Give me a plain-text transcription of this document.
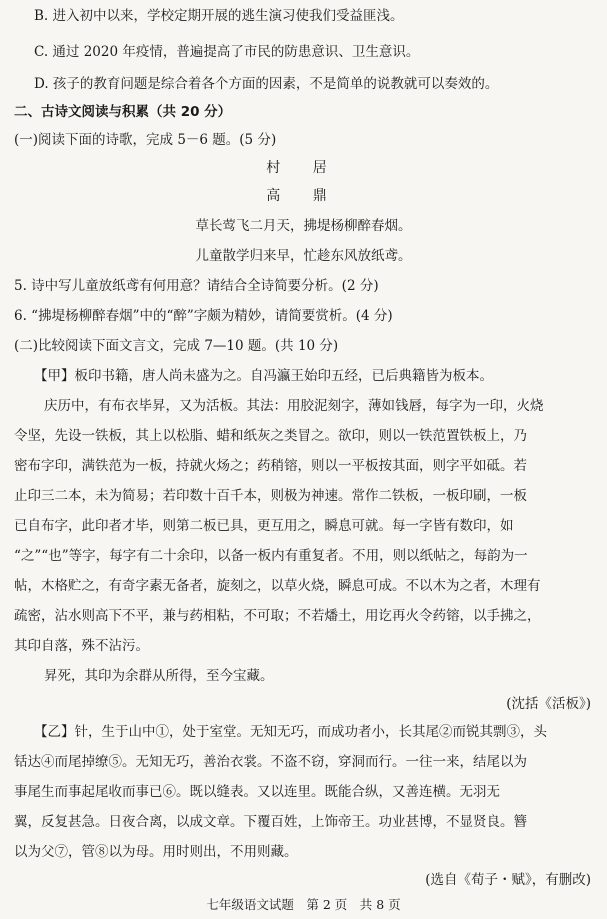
B. 进入初中以来，学校定期开展的逃生演习使我们受益匪浅。
C. 通过 2020 年疫情，普遍提高了市民的防患意识、卫生意识。
D. 孩子的教育问题是综合着各个方面的因素，不是简单的说教就可以奏效的。
二、古诗文阅读与积累（共 20 分）
(一)阅读下面的诗歌，完成 5－6 题。(5 分)
村 居
高 鼎
草长莺飞二月天，拂堤杨柳醉春烟。
儿童散学归来早，忙趁东风放纸鸢。
5. 诗中写儿童放纸鸢有何用意？请结合全诗简要分析。(2 分)
6. “拂堤杨柳醉春烟”中的“醉”字颇为精妙，请简要赏析。(4 分)
(二)比较阅读下面文言文，完成 7—10 题。(共 10 分)
【甲】板印书籍，唐人尚未盛为之。自冯瀛王始印五经，已后典籍皆为板本。
庆历中，有布衣毕昇，又为活板。其法：用胶泥刻字，薄如钱唇，每字为一印，火烧
令坚，先设一铁板，其上以松脂、蜡和纸灰之类冒之。欲印，则以一铁范置铁板上，乃
密布字印，满铁范为一板，持就火炀之；药稍镕，则以一平板按其面，则字平如砥。若
止印三二本，未为简易；若印数十百千本，则极为神速。常作二铁板，一板印刷，一板
已自布字，此印者才毕，则第二板已具，更互用之，瞬息可就。每一字皆有数印，如
“之”“也”等字，每字有二十余印，以备一板内有重复者。不用，则以纸帖之，每韵为一
帖，木格贮之，有奇字素无备者，旋刻之，以草火烧，瞬息可成。不以木为之者，木理有
疏密，沾水则高下不平，兼与药相粘，不可取；不若燔土，用讫再火令药镕，以手拂之，
其印自落，殊不沾污。
昇死，其印为余群从所得，至今宝藏。
(沈括《活板》)
【乙】针，生于山中①，处于室堂。无知无巧，而成功者小，长其尾②而锐其剽③，头
铦达④而尾掉缭⑤。无知无巧，善治衣裳。不盗不窃，穿洞而行。一往一来，结尾以为
事尾生而事起尾收而事已⑥。既以缝表。又以连里。既能合纵，又善连横。无羽无
翼，反复甚急。日夜合离，以成文章。下覆百姓，上饰帝王。功业甚博，不显贤良。簪
以为父⑦，管⑧以为母。用时则出，不用则藏。
(选自《荀子・赋》，有删改)
七年级语文试题　第 2 页　共 8 页
